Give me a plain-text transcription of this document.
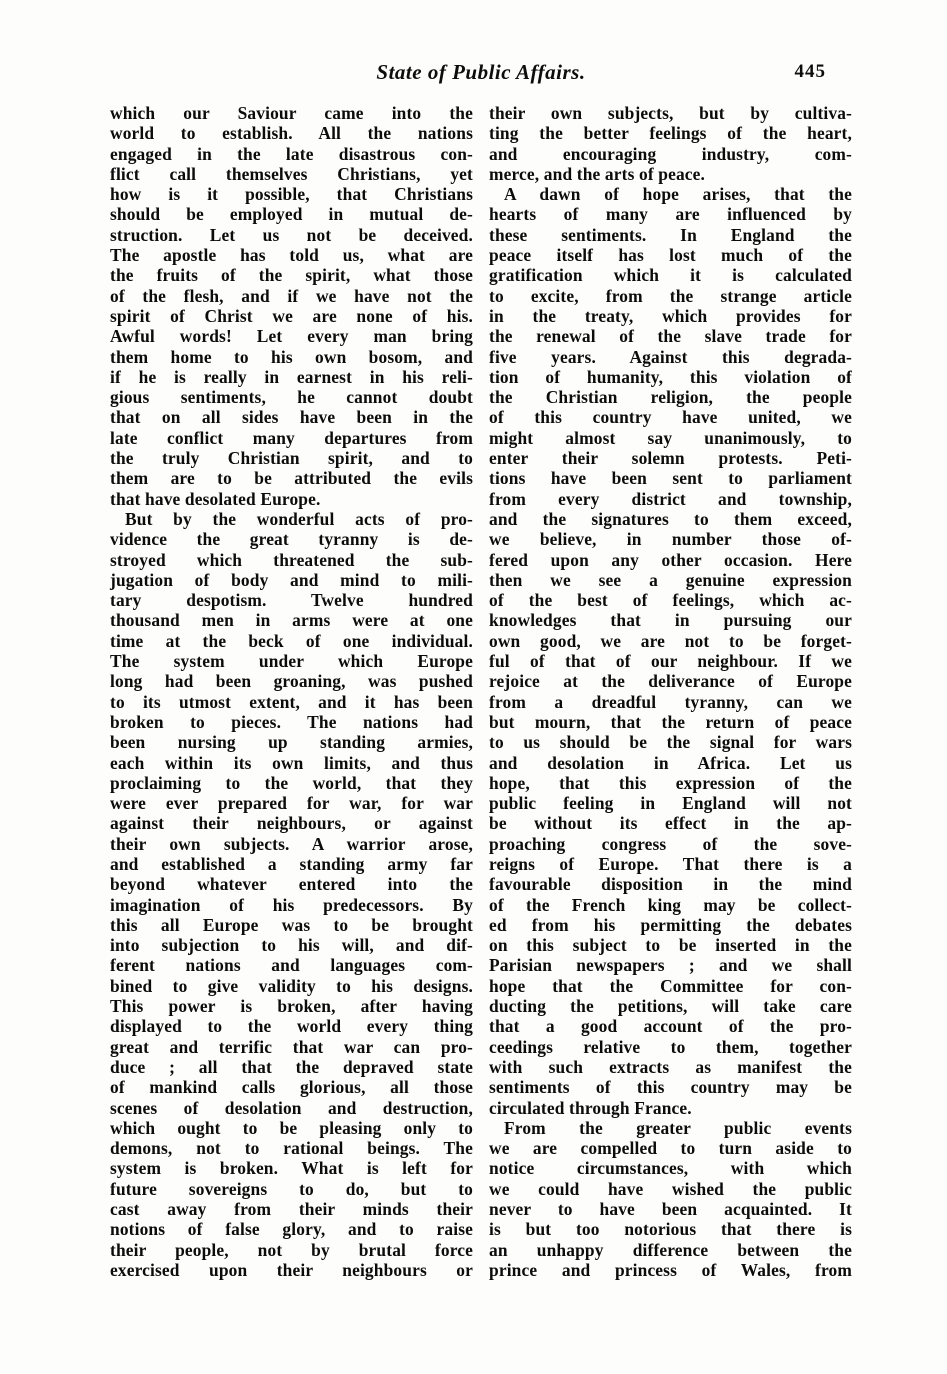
State of Public Affairs.	445
which our Saviour came into the
world to establish. All the nations
engaged in the late disastrous con-
flict call themselves Christians, yet
how is it possible, that Christians
should be employed in mutual de-
struction. Let us not be deceived.
The apostle has told us, what are
the fruits of the spirit, what those
of the flesh, and if we have not the
spirit of Christ we are none of his.
Awful words! Let every man bring
them home to his own bosom, and
if he is really in earnest in his reli-
gious sentiments, he cannot doubt
that on all sides have been in the
late conflict many departures from
the truly Christian spirit, and to
them are to be attributed the evils
that have desolated Europe.
But by the wonderful acts of pro-
vidence the great tyranny is de-
stroyed which threatened the sub-
jugation of body and mind to mili-
tary despotism. Twelve hundred
thousand men in arms were at one
time at the beck of one individual.
The system under which Europe
long had been groaning, was pushed
to its utmost extent, and it has been
broken to pieces. The nations had
been nursing up standing armies,
each within its own limits, and thus
proclaiming to the world, that they
were ever prepared for war, for war
against their neighbours, or against
their own subjects. A warrior arose,
and established a standing army far
beyond whatever entered into the
imagination of his predecessors. By
this all Europe was to be brought
into subjection to his will, and dif-
ferent nations and languages com-
bined to give validity to his designs.
This power is broken, after having
displayed to the world every thing
great and terrific that war can pro-
duce ; all that the depraved state
of mankind calls glorious, all those
scenes of desolation and destruction,
which ought to be pleasing only to
demons, not to rational beings. The
system is broken. What is left for
future sovereigns to do, but to
cast away from their minds their
notions of false glory, and to raise
their people, not by brutal force
exercised upon their neighbours or
their own subjects, but by cultiva-
ting the better feelings of the heart,
and encouraging industry, com-
merce, and the arts of peace.
A dawn of hope arises, that the
hearts of many are influenced by
these sentiments. In England the
peace itself has lost much of the
gratification which it is calculated
to excite, from the strange article
in the treaty, which provides for
the renewal of the slave trade for
five years. Against this degrada-
tion of humanity, this violation of
the Christian religion, the people
of this country have united, we
might almost say unanimously, to
enter their solemn protests. Peti-
tions have been sent to parliament
from every district and township,
and the signatures to them exceed,
we believe, in number those of-
fered upon any other occasion. Here
then we see a genuine expression
of the best of feelings, which ac-
knowledges that in pursuing our
own good, we are not to be forget-
ful of that of our neighbour. If we
rejoice at the deliverance of Europe
from a dreadful tyranny, can we
but mourn, that the return of peace
to us should be the signal for wars
and desolation in Africa. Let us
hope, that this expression of the
public feeling in England will not
be without its effect in the ap-
proaching congress of the sove-
reigns of Europe. That there is a
favourable disposition in the mind
of the French king may be collect-
ed from his permitting the debates
on this subject to be inserted in the
Parisian newspapers ; and we shall
hope that the Committee for con-
ducting the petitions, will take care
that a good account of the pro-
ceedings relative to them, together
with such extracts as manifest the
sentiments of this country may be
circulated through France.
From the greater public events
we are compelled to turn aside to
notice circumstances, with which
we could have wished the public
never to have been acquainted. It
is but too notorious that there is
an unhappy difference between the
prince and princess of Wales, from
